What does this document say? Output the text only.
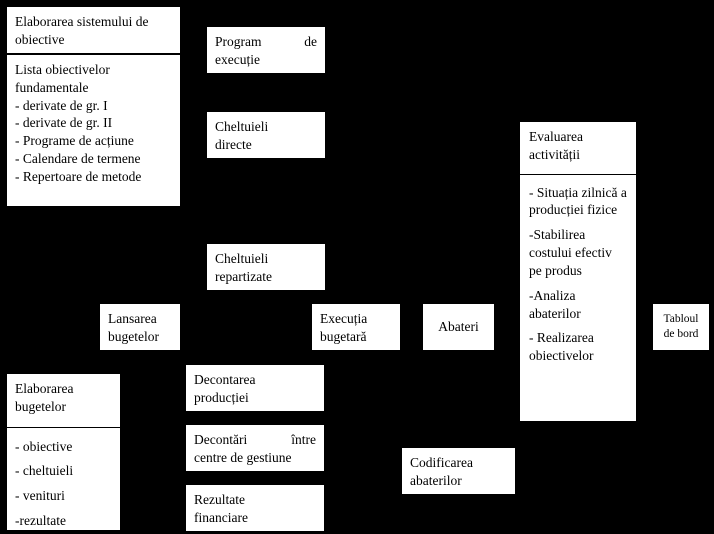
Elaborarea sistemului de obiective
Lista obiectivelor fundamentale
- derivate de gr. I
- derivate de gr. II
- Programe de acțiune
- Calendare de termene
- Repertoare de metode
Program	de
execuție
Cheltuieli
directe
Cheltuieli
repartizate
Lansarea
bugetelor
Execuția
bugetară
Abateri
Tabloul
de bord
Evaluarea
activității
- Situația zilnică a producției fizice
-Stabilirea costului efectiv pe produs
-Analiza abaterilor
- Realizarea obiectivelor
Elaborarea
bugetelor
- obiective
- cheltuieli
- venituri
-rezultate
Decontarea
producției
Decontări	între
centre de gestiune
Rezultate
financiare
Codificarea
abaterilor
